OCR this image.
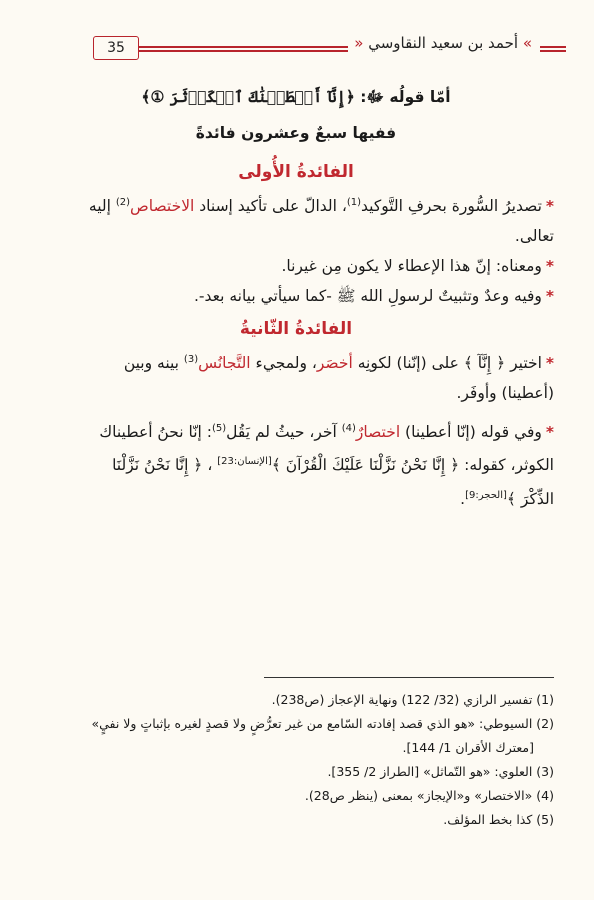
35	» أحمد بن سعيد النقاوسي «
أمّا قولُه ﷻ: ﴿إِنَّآ أَعۡطَيۡنَٰكَ ٱلۡكَوۡثَرَ ①﴾
ففيها سبعٌ وعشرون فائدةً
الفائدةُ الأُولى
*تصديرُ السُّورة بحرفِ التَّوكيد$^{(1)}$، الدالّ على تأكيد إسناد الاختصاص$^{(2)}$ إليه
تعالى.
*ومعناه: إنّ هذا الإعطاء لا يكون مِن غيرنا.
*وفيه وعدٌ وتثبيتٌ لرسولِ الله ﷺ -كما سيأتي بيانه بعد-.
الفائدةُ الثّانيةُ
*اختير ﴿ إِنَّآ ﴾ على (إنّنا) لكونِه أخصَر، ولمجيء التَّجانُس$^{(3)}$ بينه وبين
(أعطينا) وأوفَر.
*وفي قوله (إنّا أعطينا) اختصارٌ$^{(4)}$ آخر، حيثُ لم يَقُل$^{(5)}$: إنّا نحنُ أعطيناك
الكوثر، كقوله: ﴿ إِنَّا نَحْنُ نَزَّلْنَا عَلَيْكَ الْقُرْآنَ ﴾[الإنسان:23] ، ﴿ إِنَّا نَحْنُ نَزَّلْنَا
الذِّكْرَ ﴾[الحجر:9].
(1) تفسير الرازي (32/ 122) ونهاية الإعجاز (ص238).
(2) السيوطي: «هو الذي قصد إفادته السّامع من غير تعرُّضٍ ولا قصدٍ لغيره بإثباتٍ ولا نفيٍ»
[معترك الأقران 1/ 144].
(3) العلوي: «هو التّماثل» [الطراز 2/ 355].
(4) «الاختصار» و«الإيجاز» بمعنى (ينظر ص28).
(5) كذا بخط المؤلف.
